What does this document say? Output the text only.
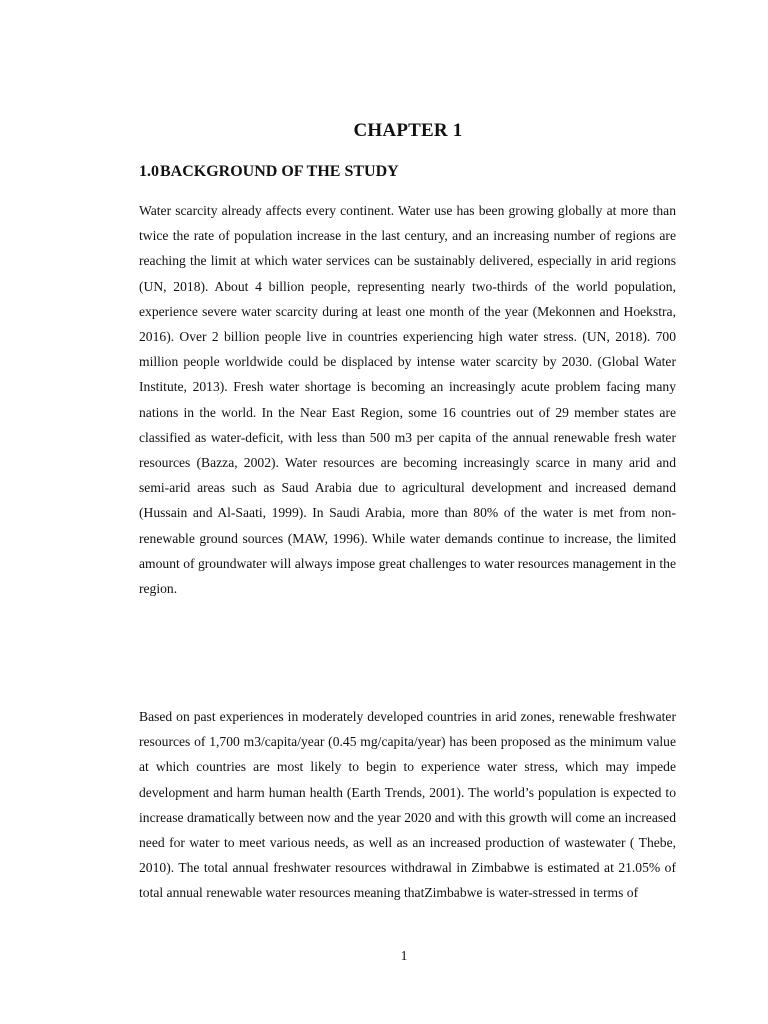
CHAPTER 1
1.0BACKGROUND OF THE STUDY

Water scarcity already affects every continent. Water use has been growing globally at more than twice the rate of population increase in the last century, and an increasing number of regions are reaching the limit at which water services can be sustainably delivered, especially in arid regions (UN, 2018). About 4 billion people, representing nearly two-thirds of the world population, experience severe water scarcity during at least one month of the year (Mekonnen and Hoekstra, 2016). Over 2 billion people live in countries experiencing high water stress. (UN, 2018). 700 million people worldwide could be displaced by intense water scarcity by 2030. (Global Water Institute, 2013). Fresh water shortage is becoming an increasingly acute problem facing many nations in the world. In the Near East Region, some 16 countries out of 29 member states are classified as water-deficit, with less than 500 m3 per capita of the annual renewable fresh water resources (Bazza, 2002). Water resources are becoming increasingly scarce in many arid and semi-arid areas such as Saud Arabia due to agricultural development and increased demand (Hussain and Al-Saati, 1999). In Saudi Arabia, more than 80% of the water is met from non-renewable ground sources (MAW, 1996). While water demands continue to increase, the limited amount of groundwater will always impose great challenges to water resources management in the region.

Based on past experiences in moderately developed countries in arid zones, renewable freshwater resources of 1,700 m3/capita/year (0.45 mg/capita/year) has been proposed as the minimum value at which countries are most likely to begin to experience water stress, which may impede development and harm human health (Earth Trends, 2001). The world’s population is expected to increase dramatically between now and the year 2020 and with this growth will come an increased need for water to meet various needs, as well as an increased production of wastewater ( Thebe, 2010). The total annual freshwater resources withdrawal in Zimbabwe is estimated at 21.05% of total annual renewable water resources meaning thatZimbabwe is water-stressed in terms of

1
